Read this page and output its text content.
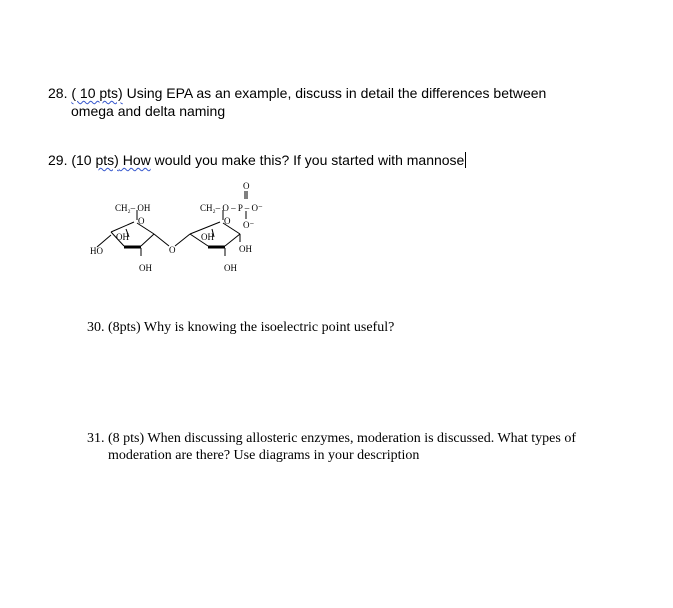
28. ( 10 pts) Using EPA as an example, discuss in detail the differences between
omega and delta naming
29. (10 pts) How would you make this? If you started with mannose
CH₂– OH
O
OH
HO
OH
O
CH₂– O – P – O⁻
O
O⁻
O
OH
OH
OH
30. (8pts) Why is knowing the isoelectric point useful?
31. (8 pts) When discussing allosteric enzymes, moderation is discussed. What types of
moderation are there? Use diagrams in your description
